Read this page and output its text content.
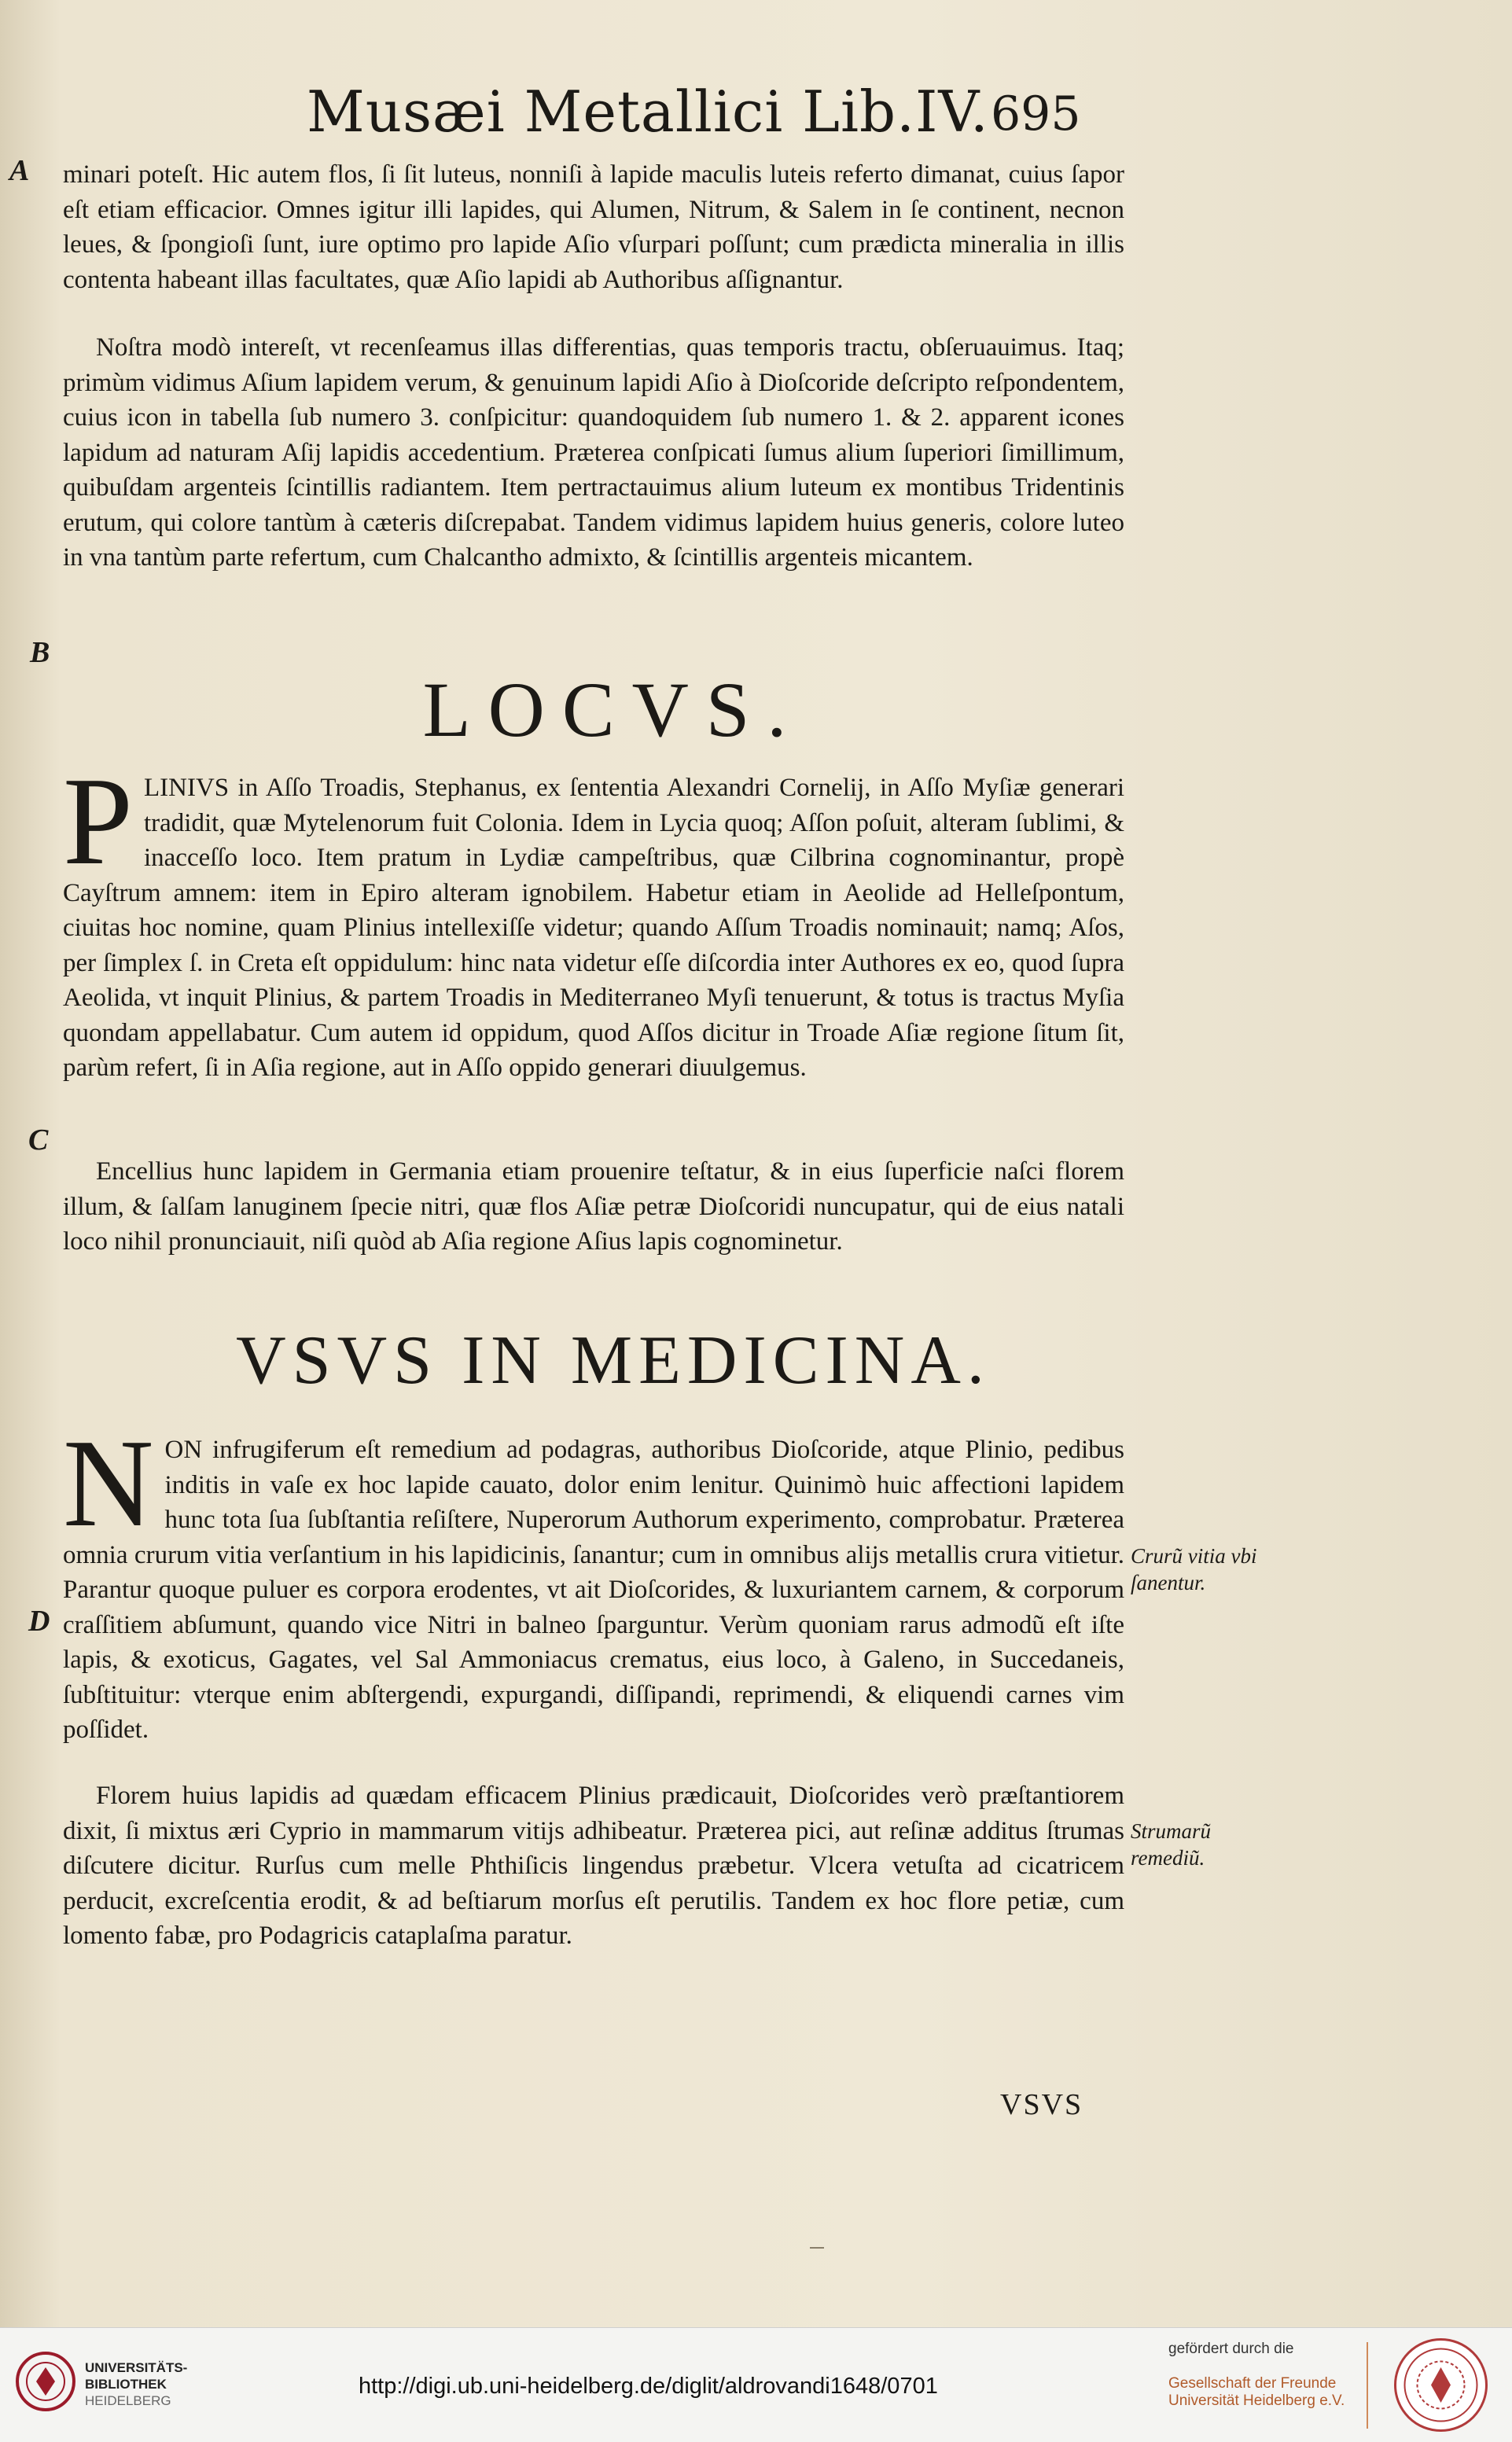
Musæi Metallici Lib.IV. 695
A
B
C
D
minari poteſt. Hic autem flos, ſi ſit luteus, nonniſi à lapide maculis luteis referto dimanat, cuius ſapor eſt etiam efficacior. Omnes igitur illi lapides, qui Alumen, Nitrum, & Salem in ſe continent, necnon leues, & ſpongioſi ſunt, iure optimo pro lapide Aſio vſurpari poſſunt; cum prædicta mineralia in illis contenta habeant illas facultates, quæ Aſio lapidi ab Authoribus aſſignantur.
Noſtra modò intereſt, vt recenſeamus illas differentias, quas temporis tractu, obſeruauimus. Itaq; primùm vidimus Aſium lapidem verum, & genuinum lapidi Aſio à Dioſcoride deſcripto reſpondentem, cuius icon in tabella ſub numero 3. conſpicitur: quandoquidem ſub numero 1. & 2. apparent icones lapidum ad naturam Aſij lapidis accedentium. Præterea conſpicati ſumus alium ſuperiori ſimillimum, quibuſdam argenteis ſcintillis radiantem. Item pertractauimus alium luteum ex montibus Tridentinis erutum, qui colore tantùm à cæteris diſcrepabat. Tandem vidimus lapidem huius generis, colore luteo in vna tantùm parte refertum, cum Chalcantho admixto, & ſcintillis argenteis micantem.
LOCVS.
P LINIVS in Aſſo Troadis, Stephanus, ex ſententia Alexandri Cornelij, in Aſſo Myſiæ generari tradidit, quæ Mytelenorum fuit Colonia. Idem in Lycia quoq; Aſſon poſuit, alteram ſublimi, & inacceſſo loco. Item pratum in Lydiæ campeſtribus, quæ Cilbrina cognominantur, propè Cayſtrum amnem: item in Epiro alteram ignobilem. Habetur etiam in Aeolide ad Helleſpontum, ciuitas hoc nomine, quam Plinius intellexiſſe videtur; quando Aſſum Troadis nominauit; namq; Aſos, per ſimplex ſ. in Creta eſt oppidulum: hinc nata videtur eſſe diſcordia inter Authores ex eo, quod ſupra Aeolida, vt inquit Plinius, & partem Troadis in Mediterraneo Myſi tenuerunt, & totus is tractus Myſia quondam appellabatur. Cum autem id oppidum, quod Aſſos dicitur in Troade Aſiæ regione ſitum ſit, parùm refert, ſi in Aſia regione, aut in Aſſo oppido generari diuulgemus.
Encellius hunc lapidem in Germania etiam prouenire teſtatur, & in eius ſuperficie naſci florem illum, & ſalſam lanuginem ſpecie nitri, quæ flos Aſiæ petræ Dioſcoridi nuncupatur, qui de eius natali loco nihil pronunciauit, niſi quòd ab Aſia regione Aſius lapis cognominetur.
VSVS IN MEDICINA.
N ON infrugiferum eſt remedium ad podagras, authoribus Dioſcoride, atque Plinio, pedibus inditis in vaſe ex hoc lapide cauato, dolor enim lenitur. Quinimò huic affectioni lapidem hunc tota ſua ſubſtantia reſiſtere, Nuperorum Authorum experimento, comprobatur. Præterea omnia crurum vitia verſantium in his lapidicinis, ſanantur; cum in omnibus alijs metallis crura vitietur. Parantur quoque puluer es corpora erodentes, vt ait Dioſcorides, & luxuriantem carnem, & corporum craſſitiem abſumunt, quando vice Nitri in balneo ſparguntur. Verùm quoniam rarus admodũ eſt iſte lapis, & exoticus, Gagates, vel Sal Ammoniacus crematus, eius loco, à Galeno, in Succedaneis, ſubſtituitur: vterque enim abſtergendi, expurgandi, diſſipandi, reprimendi, & eliquendi carnes vim poſſidet.
Florem huius lapidis ad quædam efficacem Plinius prædicauit, Dioſcorides verò præſtantiorem dixit, ſi mixtus æri Cyprio in mammarum vitijs adhibeatur. Præterea pici, aut reſinæ additus ſtrumas diſcutere dicitur. Rurſus cum melle Phthiſicis lingendus præbetur. Vlcera vetuſta ad cicatricem perducit, excreſcentia erodit, & ad beſtiarum morſus eſt perutilis. Tandem ex hoc flore petiæ, cum lomento fabæ, pro Podagricis cataplaſma paratur.
Crurũ vitia vbi ſanentur.
Strumarũ remediũ.
VSVS
UNIVERSITÄTS-
BIBLIOTHEK
HEIDELBERG
http://digi.ub.uni-heidelberg.de/diglit/aldrovandi1648/0701
gefördert durch die
Gesellschaft der Freunde
Universität Heidelberg e.V.
